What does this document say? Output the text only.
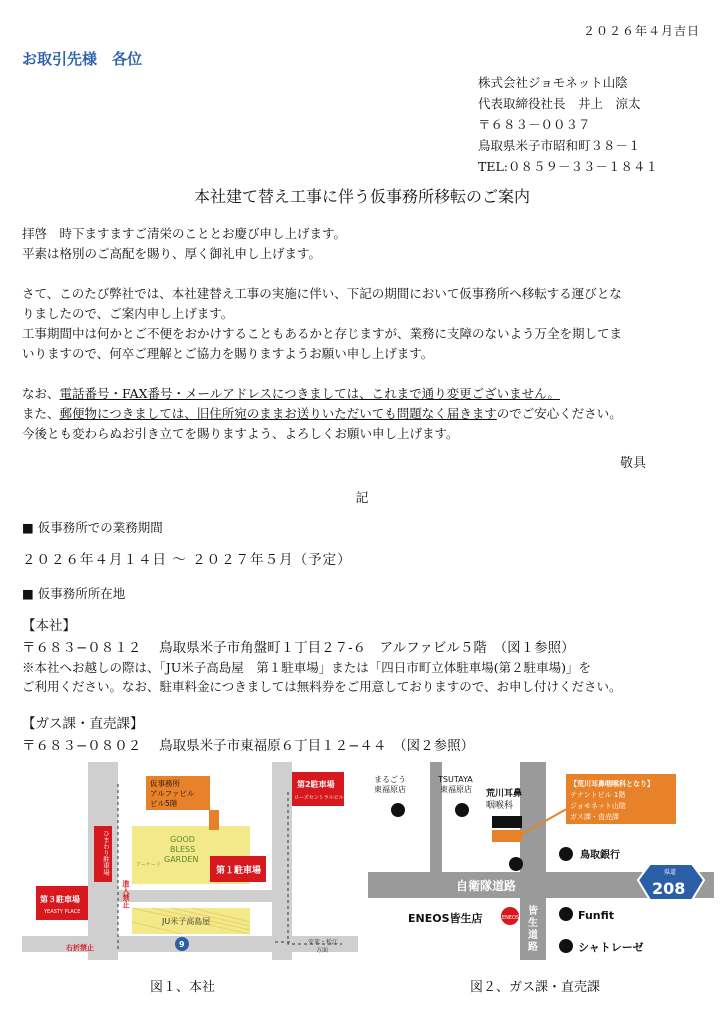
２０２６年４月吉日
お取引先様　各位
株式会社ジョモネット山陰
代表取締役社長　井上　涼太
〒６８３－００３７
鳥取県米子市昭和町３８－１
TEL:０８５９－３３－１８４１
本社建て替え工事に伴う仮事務所移転のご案内

拝啓　時下ますますご清栄のこととお慶び申し上げます。

平素は格別のご高配を賜り、厚く御礼申し上げます。

さて、このたび弊社では、本社建替え工事の実施に伴い、下記の期間において仮事務所へ移転する運びとな

りましたので、ご案内申し上げます。

工事期間中は何かとご不便をおかけすることもあるかと存じますが、業務に支障のないよう万全を期してま

いりますので、何卒ご理解とご協力を賜りますようお願い申し上げます。

なお、電話番号・FAX番号・メールアドレスにつきましては、これまで通り変更ございません。

また、郵便物につきましては、旧住所宛のままお送りいただいても問題なく届きますのでご安心ください。

今後とも変わらぬお引き立てを賜りますよう、よろしくお願い申し上げます。

敬具
記
■ 仮事務所での業務期間
２０２６年４月１４日 〜 ２０２７年５月（予定）
■ 仮事務所所在地
【本社】
〒６８３−０８１２　 鳥取県米子市角盤町１丁目２７-６　アルファビル５階　（図１参照）
※本社へお越しの際は、「JU米子高島屋　第１駐車場」または「四日市町立体駐車場(第２駐車場)」を
ご利用ください。なお、駐車料金につきましては無料券をご用意しておりますので、お申し付けください。
【ガス課・直売課】
〒６８３−０８０２　 鳥取県米子市東福原６丁目１２−４４　（図２参照）
仮事務所
アルファビル
ビル5階
第2駐車場
ローズセントラルビル
第１駐車場
ひまわり駐車場
第３駐車場
YEASTY PLACE
進入禁止
右折禁止
GOOD
BLESS
GARDEN
アーケード
JU米子高島屋
9	安来・松江
方面
図１、本社
自衛隊道路
県道
208
まるごう
東福原店
TSUTAYA
東福原店 荒川耳鼻
咽喉科
【荒川耳鼻咽喉科となり】
テナントビル 1階
ジョモネット山陰
ガス課・直売課
鳥取銀行
ENEOS皆生店	ENEOS
皆
生
道
路
Funfit
シャトレーゼ
図２、ガス課・直売課
